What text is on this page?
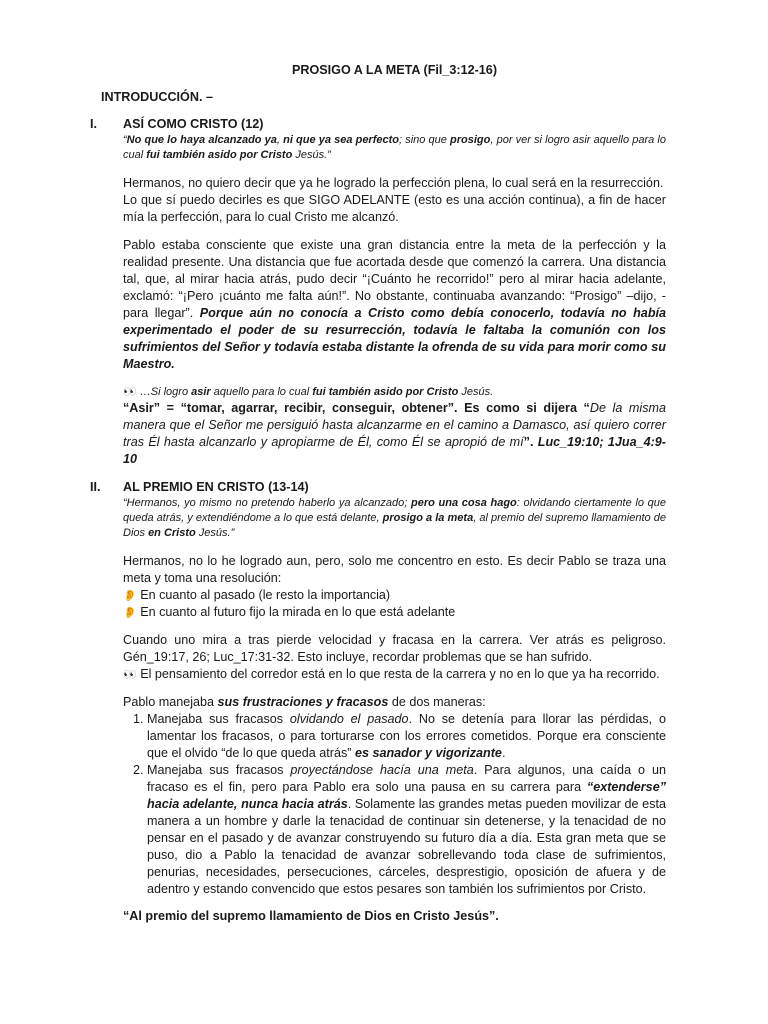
PROSIGO A LA META (Fil_3:12-16)
INTRODUCCIÓN. –
I. ASÍ COMO CRISTO (12)
“No que lo haya alcanzado ya, ni que ya sea perfecto; sino que prosigo, por ver si logro asir aquello para lo cual fui también asido por Cristo Jesús.”

Hermanos, no quiero decir que ya he logrado la perfección plena, lo cual será en la resurrección.

Lo que sí puedo decirles es que SIGO ADELANTE (esto es una acción continua), a fin de hacer mía la perfección, para lo cual Cristo me alcanzó.

Pablo estaba consciente que existe una gran distancia entre la meta de la perfección y la realidad presente. Una distancia que fue acortada desde que comenzó la carrera. Una distancia tal, que, al mirar hacia atrás, pudo decir “¡Cuánto he recorrido!” pero al mirar hacia adelante, exclamó: “¡Pero ¡cuánto me falta aún!”. No obstante, continuaba avanzando: “Prosigo” –dijo, - para llegar”. Porque aún no conocía a Cristo como debía conocerlo, todavía no había experimentado el poder de su resurrección, todavía le faltaba la comunión con los sufrimientos del Señor y todavía estaba distante la ofrenda de su vida para morir como su Maestro.

👀 …Si logro asir aquello para lo cual fui también asido por Cristo Jesús.

“Asir” = “tomar, agarrar, recibir, conseguir, obtener”. Es como si dijera “De la misma manera que el Señor me persiguió hasta alcanzarme en el camino a Damasco, así quiero correr tras Él hasta alcanzarlo y apropiarme de Él, como Él se apropió de mí”. Luc_19:10; 1Jua_4:9-10

II. AL PREMIO EN CRISTO (13-14)
“Hermanos, yo mismo no pretendo haberlo ya alcanzado; pero una cosa hago: olvidando ciertamente lo que queda atrás, y extendiéndome a lo que está delante, prosigo a la meta, al premio del supremo llamamiento de Dios en Cristo Jesús.”

Hermanos, no lo he logrado aun, pero, solo me concentro en esto. Es decir Pablo se traza una meta y toma una resolución:

👂 En cuanto al pasado (le resto la importancia)

👂 En cuanto al futuro fijo la mirada en lo que está adelante

Cuando uno mira a tras pierde velocidad y fracasa en la carrera. Ver atrás es peligroso. Gén_19:17, 26; Luc_17:31-32. Esto incluye, recordar problemas que se han sufrido.

👀 El pensamiento del corredor está en lo que resta de la carrera y no en lo que ya ha recorrido.

Pablo manejaba sus frustraciones y fracasos de dos maneras:

1. Manejaba sus fracasos olvidando el pasado. No se detenía para llorar las pérdidas, o lamentar los fracasos, o para torturarse con los errores cometidos. Porque era consciente que el olvido “de lo que queda atrás” es sanador y vigorizante.
2. Manejaba sus fracasos proyectándose hacía una meta. Para algunos, una caída o un fracaso es el fin, pero para Pablo era solo una pausa en su carrera para “extenderse” hacia adelante, nunca hacia atrás. Solamente las grandes metas pueden movilizar de esta manera a un hombre y darle la tenacidad de continuar sin detenerse, y la tenacidad de no pensar en el pasado y de avanzar construyendo su futuro día a día. Esta gran meta que se puso, dio a Pablo la tenacidad de avanzar sobrellevando toda clase de sufrimientos, penurias, necesidades, persecuciones, cárceles, desprestigio, oposición de afuera y de adentro y estando convencido que estos pesares son también los sufrimientos por Cristo.

“Al premio del supremo llamamiento de Dios en Cristo Jesús”.
